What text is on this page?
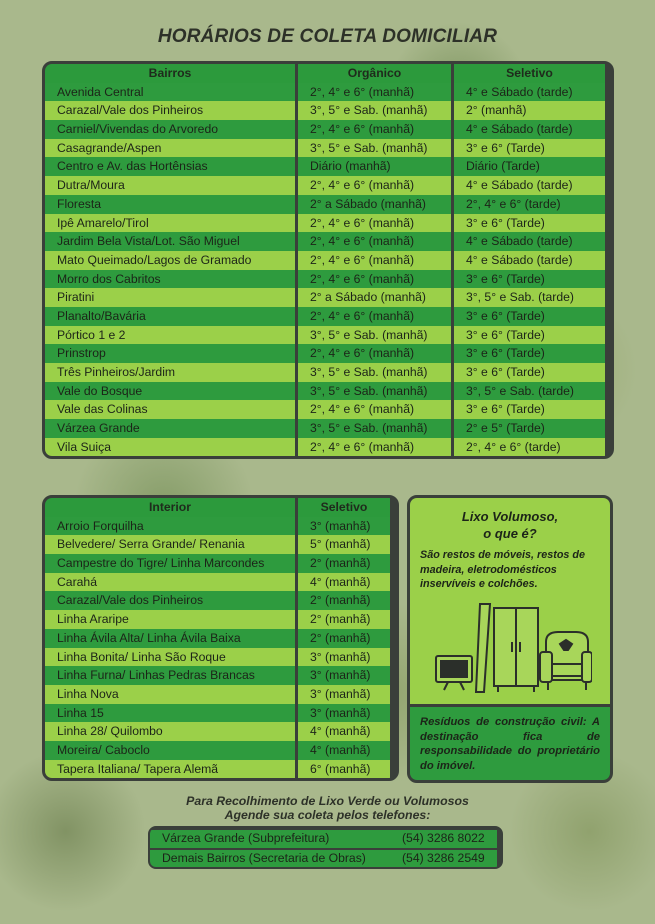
HORÁRIOS DE COLETA DOMICILIAR
Bairros	Orgânico	Seletivo
Avenida Central	2°, 4° e 6° (manhã)	4° e Sábado (tarde)
Carazal/Vale dos Pinheiros	3°, 5° e Sab. (manhã)	2° (manhã)
Carniel/Vivendas do Arvoredo	2°, 4° e 6° (manhã)	4° e Sábado (tarde)
Casagrande/Aspen	3°, 5° e Sab. (manhã)	3° e 6° (Tarde)
Centro e Av. das Hortênsias	Diário (manhã)	Diário (Tarde)
Dutra/Moura	2°, 4° e 6° (manhã)	4° e Sábado (tarde)
Floresta	2° a Sábado (manhã)	2°, 4° e 6° (tarde)
Ipê Amarelo/Tirol	2°, 4° e 6° (manhã)	3° e 6° (Tarde)
Jardim Bela Vista/Lot. São Miguel	2°, 4° e 6° (manhã)	4° e Sábado (tarde)
Mato Queimado/Lagos de Gramado	2°, 4° e 6° (manhã)	4° e Sábado (tarde)
Morro dos Cabritos	2°, 4° e 6° (manhã)	3° e 6° (Tarde)
Piratini	2° a Sábado (manhã)	3°, 5° e Sab. (tarde)
Planalto/Bavária	2°, 4° e 6° (manhã)	3° e 6° (Tarde)
Pórtico 1 e 2	3°, 5° e Sab. (manhã)	3° e 6° (Tarde)
Prinstrop	2°, 4° e 6° (manhã)	3° e 6° (Tarde)
Três Pinheiros/Jardim	3°, 5° e Sab. (manhã)	3° e 6° (Tarde)
Vale do Bosque	3°, 5° e Sab. (manhã)	3°, 5° e Sab. (tarde)
Vale das Colinas	2°, 4° e 6° (manhã)	3° e 6° (Tarde)
Várzea Grande	3°, 5° e Sab. (manhã)	2° e 5° (Tarde)
Vila Suiça	2°, 4° e 6° (manhã)	2°, 4° e 6° (tarde)
Interior	Seletivo
Arroio Forquilha	3° (manhã)
Belvedere/ Serra Grande/ Renania	5° (manhã)
Campestre do Tigre/ Linha Marcondes	2° (manhã)
Carahá	4° (manhã)
Carazal/Vale dos Pinheiros	2° (manhã)
Linha Araripe	2° (manhã)
Linha Ávila Alta/ Linha Ávila Baixa	2° (manhã)
Linha Bonita/ Linha São Roque	3° (manhã)
Linha Furna/ Linhas Pedras Brancas	3° (manhã)
Linha Nova	3° (manhã)
Linha 15	3° (manhã)
Linha 28/ Quilombo	4° (manhã)
Moreira/ Caboclo	4° (manhã)
Tapera Italiana/ Tapera Alemã	6° (manhã)
Lixo Volumoso,
o que é?
São restos de móveis, restos de madeira, eletrodomésticos inservíveis e colchões.
Resíduos de construção civil: A destinação fica de responsabilidade do proprietário do imóvel.
Para Recolhimento de Lixo Verde ou Volumosos
Agende sua coleta pelos telefones:
Várzea Grande (Subprefeitura)	(54) 3286 8022
Demais Bairros (Secretaria de Obras)	(54) 3286 2549
